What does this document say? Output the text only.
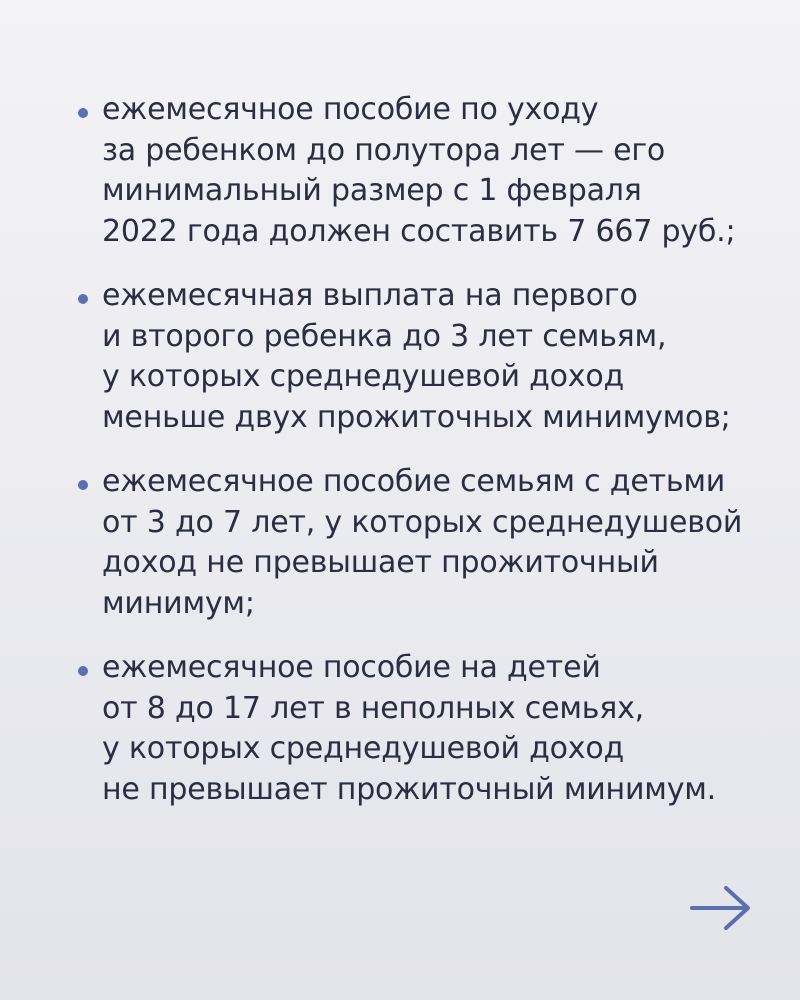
ежемесячное пособие по уходу
за ребенком до полутора лет — его
минимальный размер с 1 февраля
2022 года должен составить 7 667 руб.;
ежемесячная выплата на первого
и второго ребенка до 3 лет семьям,
у которых среднедушевой доход
меньше двух прожиточных минимумов;
ежемесячное пособие семьям с детьми
от 3 до 7 лет, у которых среднедушевой
доход не превышает прожиточный
минимум;
ежемесячное пособие на детей
от 8 до 17 лет в неполных семьях,
у которых среднедушевой доход
не превышает прожиточный минимум.
